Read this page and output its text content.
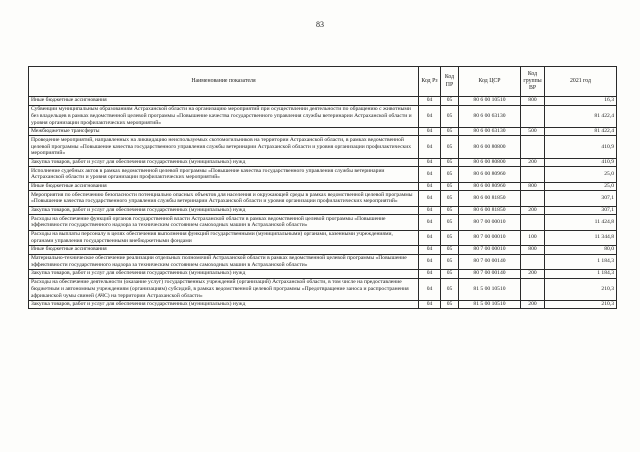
83
Наименование показателя	Код Рз	Код ПР	Код ЦСР	Код группы ВР	2021 год
Иные бюджетные ассигнования	04	05	80 6 00 10510	800	16,3
Субвенции муниципальным образованиям Астраханской области на организацию мероприятий при осуществлении деятельности по обращению с животными без владельцев в рамках ведомственной целевой программы «Повышение качества государственного управления службы ветеринарии Астраханской области и уровня организации профилактических мероприятий»	04	05	80 6 00 63130		81 422,4
Межбюджетные трансферты	04	05	80 6 00 63130	500	81 422,4
Проведение мероприятий, направленных на ликвидацию неиспользуемых скотомогильников на территории Астраханской области, в рамках ведомственной целевой программы «Повышение качества государственного управления службы ветеринарии Астраханской области и уровня организации профилактических мероприятий»	04	05	80 6 00 80800		410,9
Закупка товаров, работ и услуг для обеспечения государственных (муниципальных) нужд	04	05	80 6 00 80800	200	410,9
Исполнение судебных актов в рамках ведомственной целевой программы «Повышение качества государственного управления службы ветеринарии Астраханской области и уровня организации профилактических мероприятий»	04	05	80 6 00 80960		25,0
Иные бюджетные ассигнования	04	05	80 6 00 80960	800	25,0
Мероприятия по обеспечению безопасности потенциально опасных объектов для населения и окружающей среды в рамках ведомственной целевой программы «Повышение качества государственного управления службы ветеринарии Астраханской области и уровня организации профилактических мероприятий»	04	05	80 6 00 81850		307,1
Закупка товаров, работ и услуг для обеспечения государственных (муниципальных) нужд	04	05	80 6 00 81850	200	307,1
Расходы на обеспечение функций органов государственной власти Астраханской области в рамках ведомственной целевой программы «Повышение эффективности государственного надзора за техническим состоянием самоходных машин в Астраханской области»	04	05	80 7 00 00010		11 424,8
Расходы на выплаты персоналу в целях обеспечения выполнения функций государственными (муниципальными) органами, казенными учреждениями, органами управления государственными внебюджетными фондами	04	05	80 7 00 00010	100	11 344,8
Иные бюджетные ассигнования	04	05	80 7 00 00010	800	80,0
Материально-техническое обеспечение реализации отдельных полномочий Астраханской области в рамках ведомственной целевой программы «Повышение эффективности государственного надзора за техническим состоянием самоходных машин в Астраханской области»	04	05	80 7 00 00140		1 184,3
Закупка товаров, работ и услуг для обеспечения государственных (муниципальных) нужд	04	05	80 7 00 00140	200	1 184,3
Расходы на обеспечение деятельности (оказание услуг) государственных учреждений (организаций) Астраханской области, в том числе на предоставление бюджетным и автономным учреждениям (организациям) субсидий, в рамках ведомственной целевой программы «Предотвращение заноса и распространения африканской чумы свиней (АЧС) на территории Астраханской области»	04	05	81 5 00 10510		210,3
Закупка товаров, работ и услуг для обеспечения государственных (муниципальных) нужд	04	05	81 5 00 10510	200	210,3
